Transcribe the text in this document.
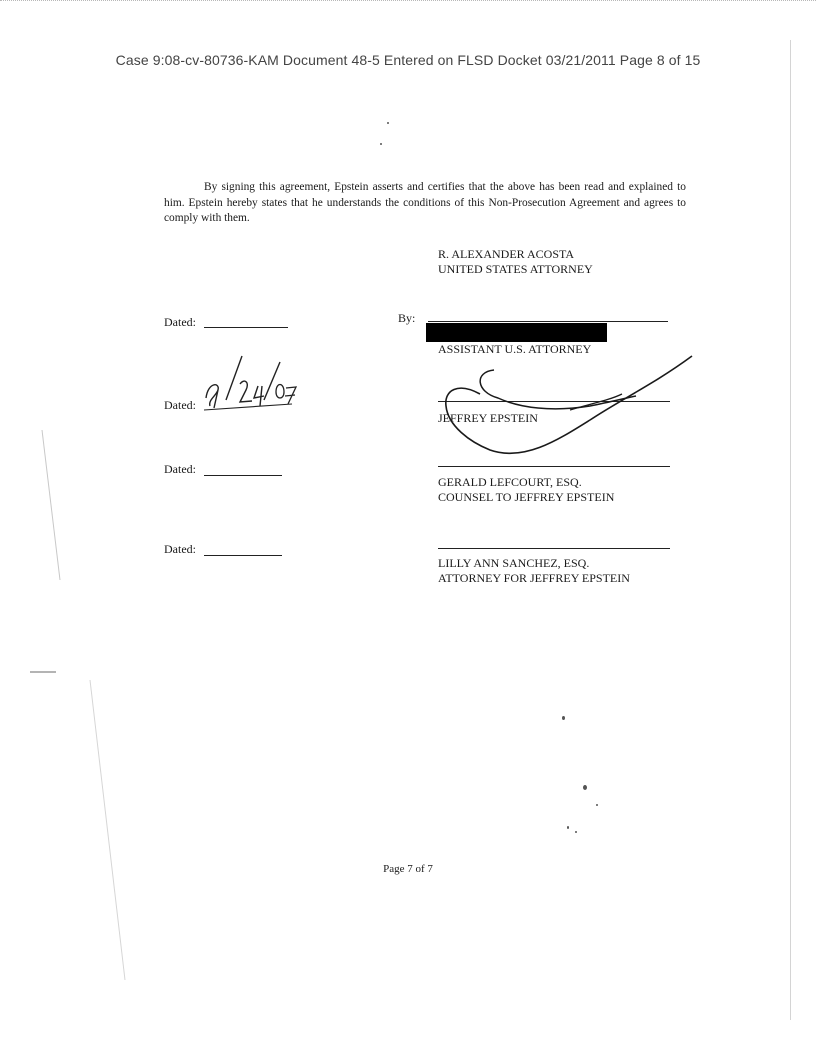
Case 9:08-cv-80736-KAM Document 48-5 Entered on FLSD Docket 03/21/2011 Page 8 of 15
By signing this agreement, Epstein asserts and certifies that the above has been read and explained to him. Epstein hereby states that he understands the conditions of this Non-Prosecution Agreement and agrees to comply with them.
R. ALEXANDER ACOSTA
UNITED STATES ATTORNEY
Dated:	By:
ASSISTANT U.S. ATTORNEY
Dated:
JEFFREY EPSTEIN
Dated:
GERALD LEFCOURT, ESQ.
COUNSEL TO JEFFREY EPSTEIN
Dated:
LILLY ANN SANCHEZ, ESQ.
ATTORNEY FOR JEFFREY EPSTEIN
Page 7 of 7
